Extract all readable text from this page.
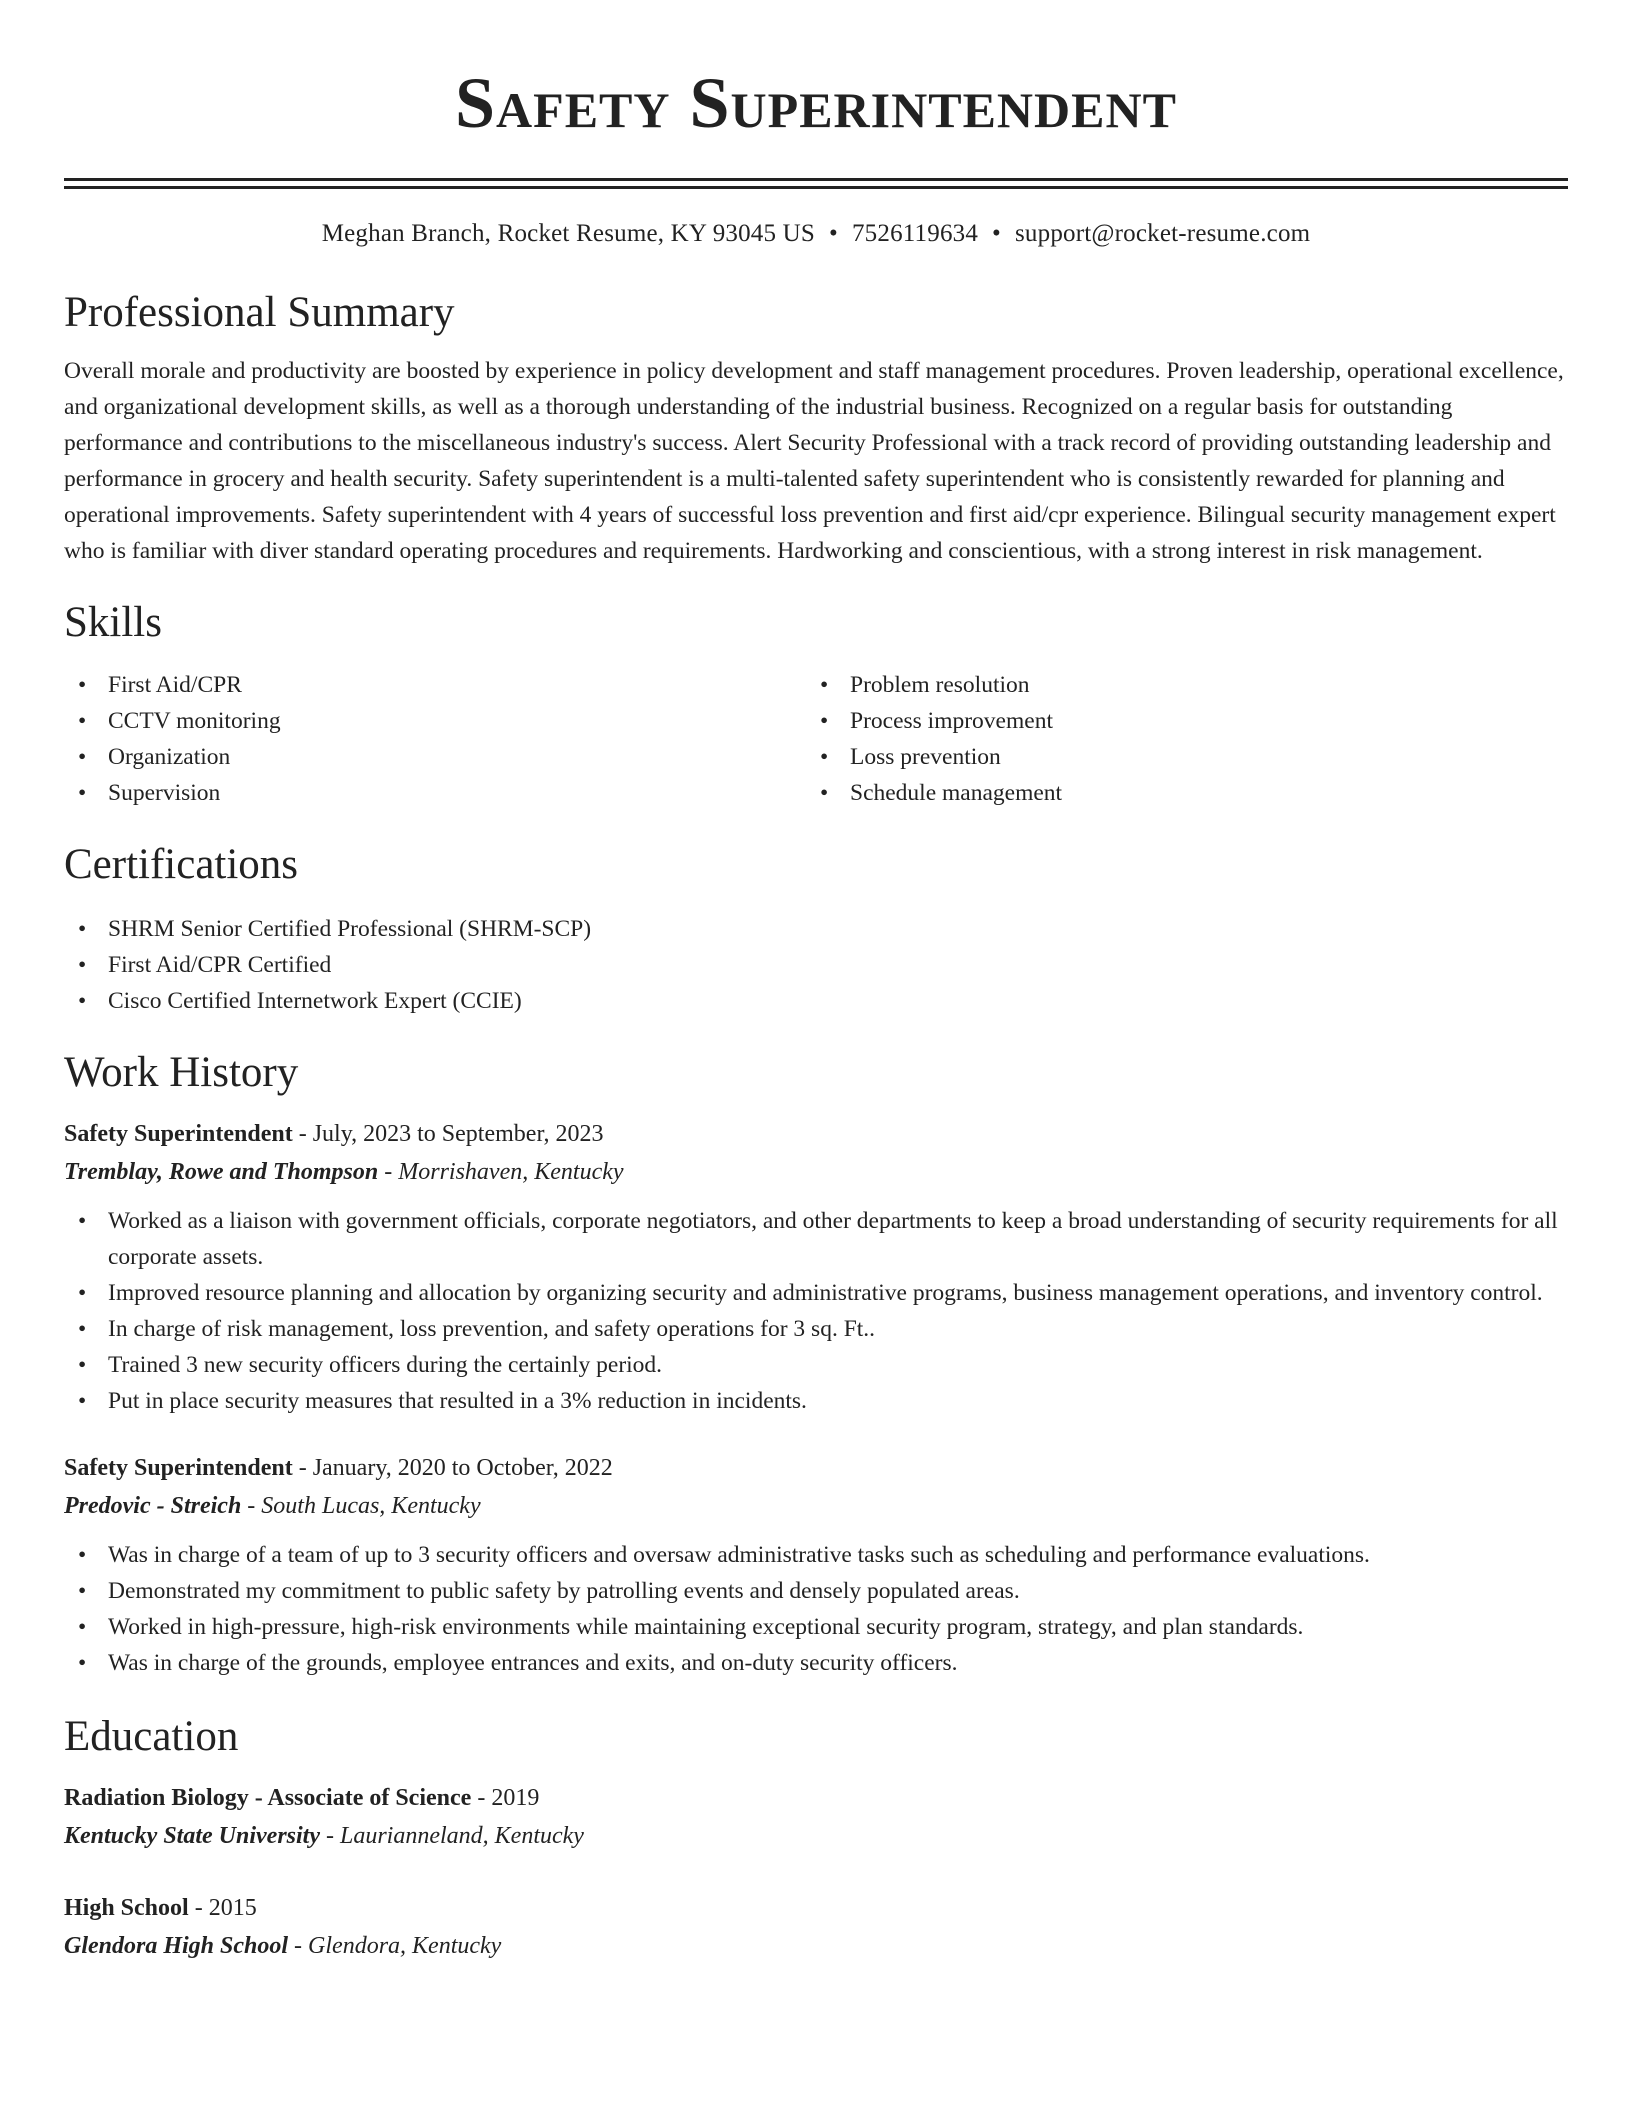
Safety Superintendent
Meghan Branch, Rocket Resume, KY 93045 US • 7526119634 • support@rocket-resume.com
Professional Summary

Overall morale and productivity are boosted by experience in policy development and staff management procedures. Proven leadership, operational excellence, and organizational development skills, as well as a thorough understanding of the industrial business. Recognized on a regular basis for outstanding performance and contributions to the miscellaneous industry's success. Alert Security Professional with a track record of providing outstanding leadership and performance in grocery and health security. Safety superintendent is a multi-talented safety superintendent who is consistently rewarded for planning and operational improvements. Safety superintendent with 4 years of successful loss prevention and first aid/cpr experience. Bilingual security management expert who is familiar with diver standard operating procedures and requirements. Hardworking and conscientious, with a strong interest in risk management.

Skills
• First Aid/CPR
• CCTV monitoring
• Organization
• Supervision
• Problem resolution
• Process improvement
• Loss prevention
• Schedule management
Certifications
• SHRM Senior Certified Professional (SHRM-SCP)
• First Aid/CPR Certified
• Cisco Certified Internetwork Expert (CCIE)
Work History
Safety Superintendent - July, 2023 to September, 2023
Tremblay, Rowe and Thompson - Morrishaven, Kentucky
• Worked as a liaison with government officials, corporate negotiators, and other departments to keep a broad understanding of security requirements for all corporate assets.
• Improved resource planning and allocation by organizing security and administrative programs, business management operations, and inventory control.
• In charge of risk management, loss prevention, and safety operations for 3 sq. Ft..
• Trained 3 new security officers during the certainly period.
• Put in place security measures that resulted in a 3% reduction in incidents.
Safety Superintendent - January, 2020 to October, 2022
Predovic - Streich - South Lucas, Kentucky
• Was in charge of a team of up to 3 security officers and oversaw administrative tasks such as scheduling and performance evaluations.
• Demonstrated my commitment to public safety by patrolling events and densely populated areas.
• Worked in high-pressure, high-risk environments while maintaining exceptional security program, strategy, and plan standards.
• Was in charge of the grounds, employee entrances and exits, and on-duty security officers.
Education
Radiation Biology - Associate of Science - 2019
Kentucky State University - Laurianneland, Kentucky
High School - 2015
Glendora High School - Glendora, Kentucky
